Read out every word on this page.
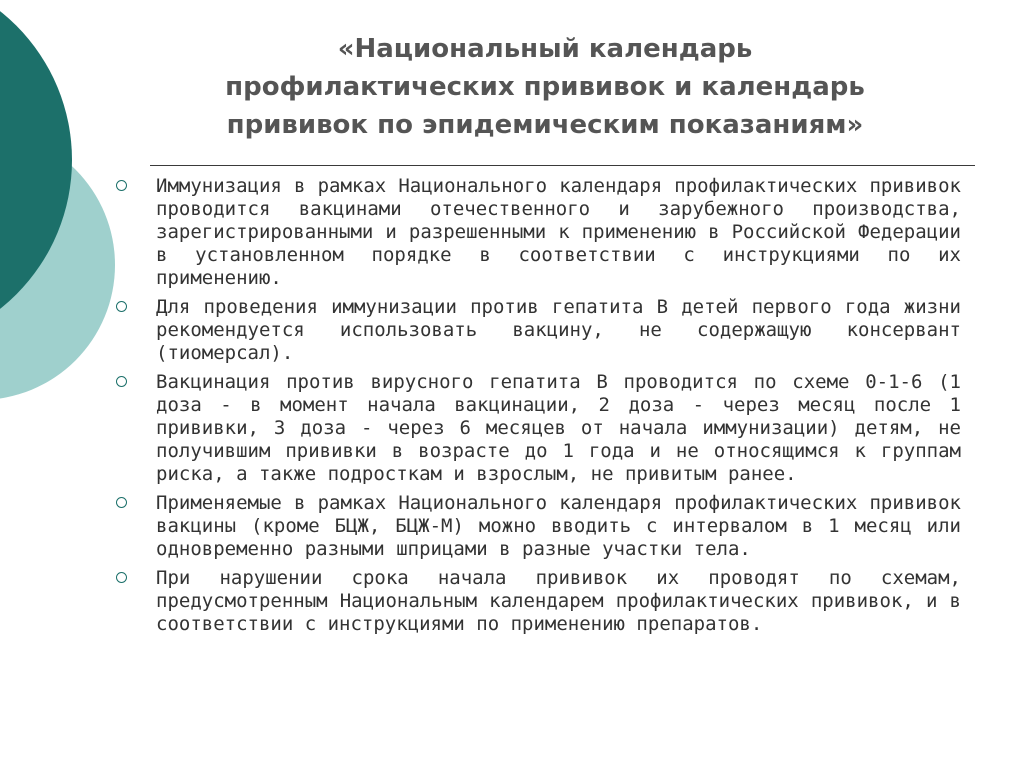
«Национальный календарь
профилактических прививок и календарь
прививок по эпидемическим показаниям»
Иммунизация в рамках Национального календаря профилактических прививок проводится вакцинами отечественного и зарубежного производства, зарегистрированными и разрешенными к применению в Российской Федерации в установленном порядке в соответствии с инструкциями по их применению.
Для проведения иммунизации против гепатита В детей первого года жизни рекомендуется использовать вакцину, не содержащую консервант (тиомерсал).
Вакцинация против вирусного гепатита В проводится по схеме 0-1-6 (1 доза - в момент начала вакцинации, 2 доза - через месяц после 1 прививки, 3 доза - через 6 месяцев от начала иммунизации) детям, не получившим прививки в возрасте до 1 года и не относящимся к группам риска, а также подросткам и взрослым, не привитым ранее.
Применяемые в рамках Национального календаря профилактических прививок вакцины (кроме БЦЖ, БЦЖ-М) можно вводить с интервалом в 1 месяц или одновременно разными шприцами в разные участки тела.
При нарушении срока начала прививок их проводят по схемам, предусмотренным Национальным календарем профилактических прививок, и в соответствии с инструкциями по применению препаратов.
